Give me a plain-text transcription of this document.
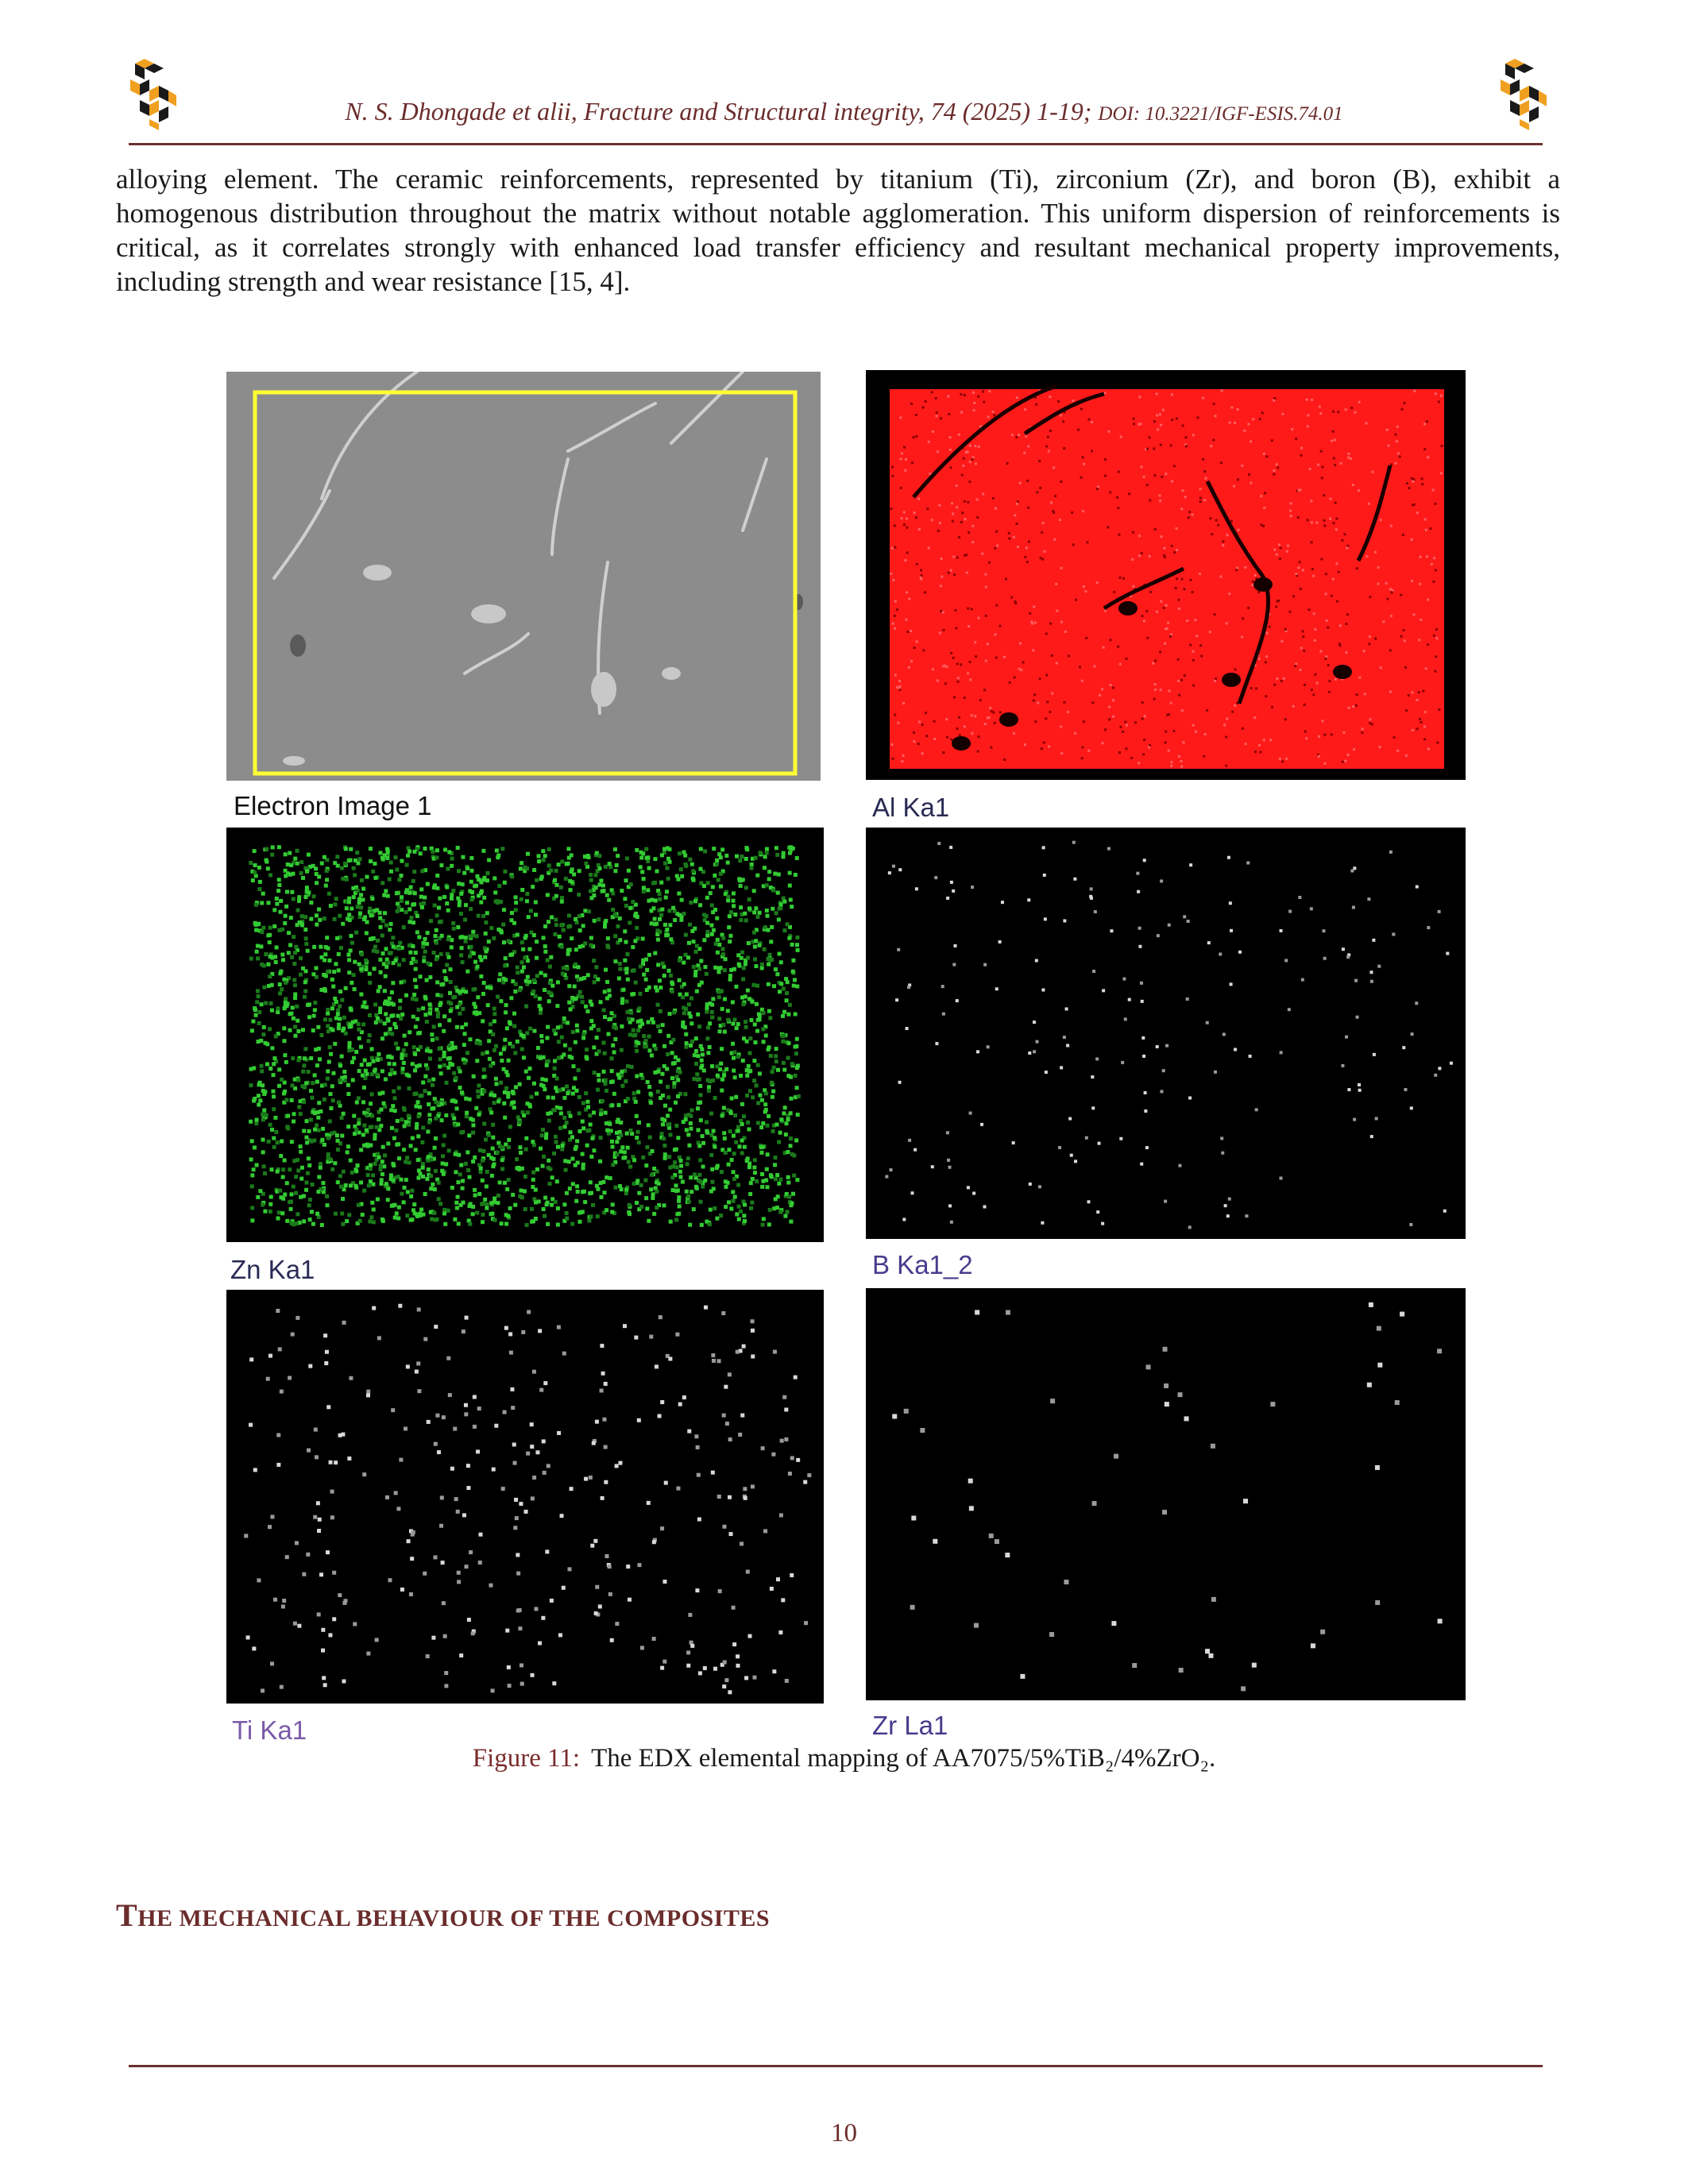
N. S. Dhongade et alii, Fracture and Structural integrity, 74 (2025) 1-19; DOI: 10.3221/IGF-ESIS.74.01

alloying element. The ceramic reinforcements, represented by titanium (Ti), zirconium (Zr), and boron (B), exhibit a homogenous distribution throughout the matrix without notable agglomeration. This uniform dispersion of reinforcements is critical, as it correlates strongly with enhanced load transfer efficiency and resultant mechanical property improvements, including strength and wear resistance [15, 4].

Electron Image 1	Al Ka1
Zn Ka1	B Ka1_2
Ti Ka1	Zr La1
Figure 11: The EDX elemental mapping of AA7075/5%TiB₂/4%ZrO₂.
THE MECHANICAL BEHAVIOUR OF THE COMPOSITES
10
